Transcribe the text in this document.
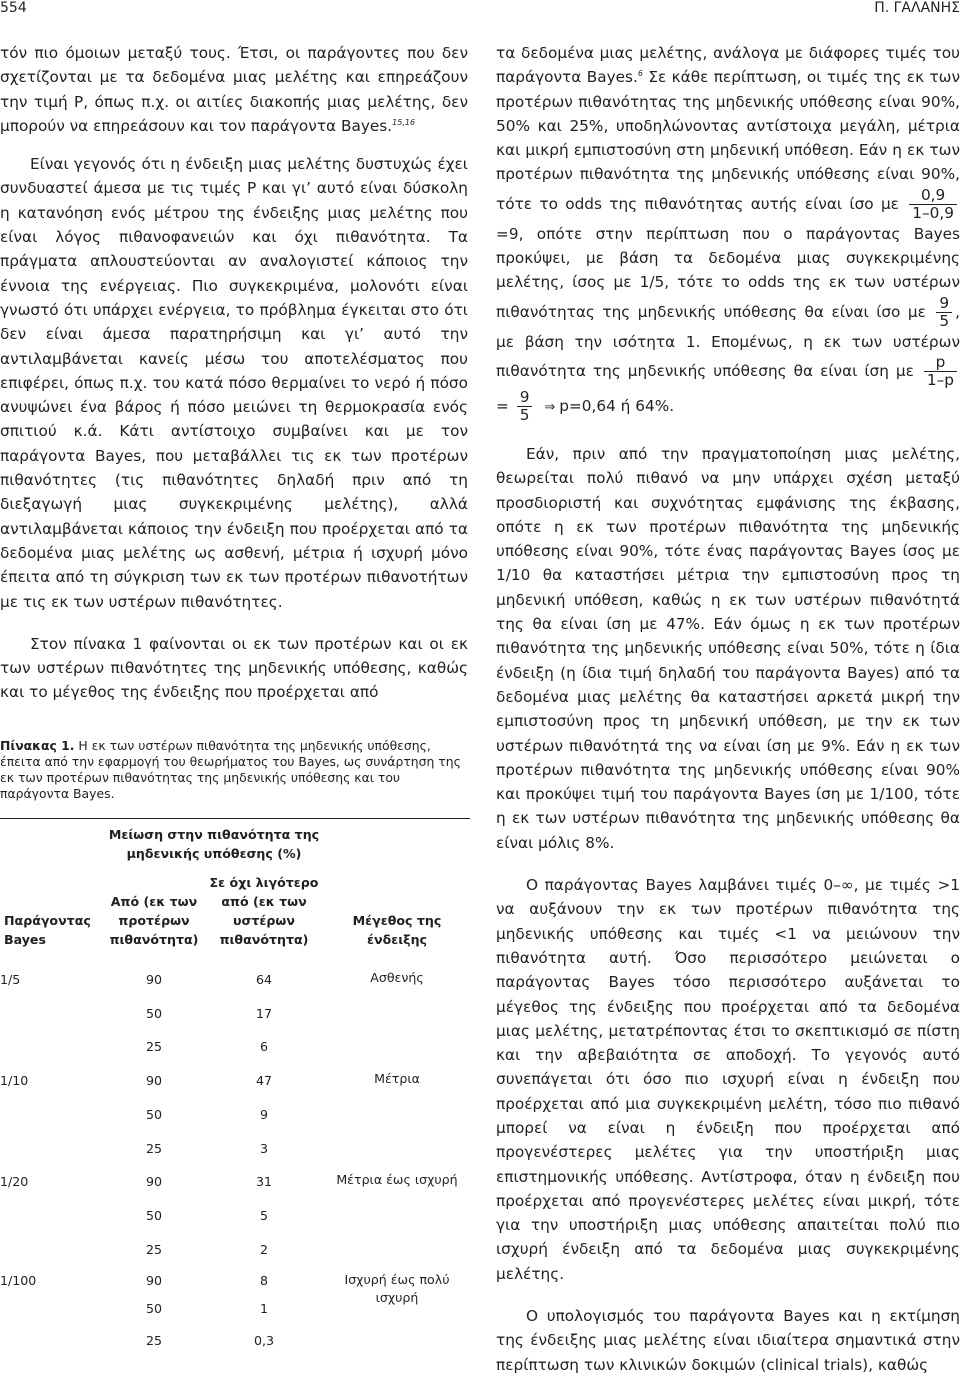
554	Π. ΓΑΛΑΝΗΣ

τόν πιο όμοιων μεταξύ τους. Έτσι, οι παράγοντες που δεν σχετίζονται με τα δεδομένα μιας μελέτης και επηρεάζουν την τιμή P, όπως π.χ. οι αιτίες διακοπής μιας μελέτης, δεν μπορούν να επηρεάσουν και τον παράγοντα Bayes.$^{15,16}$

Είναι γεγονός ότι η ένδειξη μιας μελέτης δυστυχώς έχει συνδυαστεί άμεσα με τις τιμές P και γι’ αυτό είναι δύσκολη η κατανόηση ενός μέτρου της ένδειξης μιας μελέτης που είναι λόγος πιθανοφανειών και όχι πιθανότητα. Τα πράγματα απλουστεύονται αν αναλογιστεί κάποιος την έννοια της ενέργειας. Πιο συγκεκριμένα, μολονότι είναι γνωστό ότι υπάρχει ενέργεια, το πρόβλημα έγκειται στο ότι δεν είναι άμεσα παρατηρήσιμη και γι’ αυτό την αντιλαμβάνεται κανείς μέσω του αποτελέσματος που επιφέρει, όπως π.χ. του κατά πόσο θερμαίνει το νερό ή πόσο ανυψώνει ένα βάρος ή πόσο μειώνει τη θερμοκρασία ενός σπιτιού κ.ά. Κάτι αντίστοιχο συμβαίνει και με τον παράγοντα Bayes, που μεταβάλλει τις εκ των προτέρων πιθανότητες (τις πιθανότητες δηλαδή πριν από τη διεξαγωγή μιας συγκεκριμένης μελέτης), αλλά αντιλαμβάνεται κάποιος την ένδειξη που προέρχεται από τα δεδομένα μιας μελέτης ως ασθενή, μέτρια ή ισχυρή μόνο έπειτα από τη σύγκριση των εκ των προτέρων πιθανοτήτων με τις εκ των υστέρων πιθανότητες.

Στον πίνακα 1 φαίνονται οι εκ των προτέρων και οι εκ των υστέρων πιθανότητες της μηδενικής υπόθεσης, καθώς και το μέγεθος της ένδειξης που προέρχεται από

Πίνακας 1. Η εκ των υστέρων πιθανότητα της μηδενικής υπόθεσης, έπειτα από την εφαρμογή του θεωρήματος του Bayes, ως συνάρτηση της εκ των προτέρων πιθανότητας της μηδενικής υπόθεσης και του παράγοντα Bayes.
Παράγοντας Bayes	Μείωση στην πιθανότητα της μηδενικής υπόθεσης (%)		Μέγεθος της ένδειξης
	Από (εκ των προτέρων πιθανότητα)	Σε όχι λιγότερο από (εκ των υστέρων πιθανότητα)	
1/5	90	64	Ασθενής
	50	17	
	25	6	
1/10	90	47	Μέτρια
	50	9	
	25	3	
1/20	90	31	Μέτρια έως ισχυρή
	50	5	
	25	2	
1/100	90	8	Ισχυρή έως πολύ ισχυρή
	50	1	
	25	0,3	

τα δεδομένα μιας μελέτης, ανάλογα με διάφορες τιμές του παράγοντα Bayes.$^6$ Σε κάθε περίπτωση, οι τιμές της εκ των προτέρων πιθανότητας της μηδενικής υπόθεσης είναι 90%, 50% και 25%, υποδηλώνοντας αντίστοιχα μεγάλη, μέτρια και μικρή εμπιστοσύνη στη μηδενική υπόθεση. Εάν η εκ των προτέρων πιθανότητα της μηδενικής υπόθεσης είναι 90%, τότε το odds της πιθανότητας αυτής είναι ίσο με $\frac{0,9}{1-0,9}$
=9, οπότε στην περίπτωση που ο παράγοντας Bayes προκύψει, με βάση τα δεδομένα μιας συγκεκριμένης μελέτης, ίσος με 1/5, τότε το odds της εκ των υστέρων πιθανότητας της μηδενικής υπόθεσης θα είναι ίσο με $\frac{9}{5}$ , με βάση την ισότητα 1. Επομένως, η εκ των υστέρων πιθανότητα της μηδενικής υπόθεσης θα είναι ίση με $\frac{p}{1-p}$
= $\frac{9}{5}$ ⇒ p=0,64 ή 64%.

Εάν, πριν από την πραγματοποίηση μιας μελέτης, θεωρείται πολύ πιθανό να μην υπάρχει σχέση μεταξύ προσδιοριστή και συχνότητας εμφάνισης της έκβασης, οπότε η εκ των προτέρων πιθανότητα της μηδενικής υπόθεσης είναι 90%, τότε ένας παράγοντας Bayes ίσος με 1/10 θα καταστήσει μέτρια την εμπιστοσύνη προς τη μηδενική υπόθεση, καθώς η εκ των υστέρων πιθανότητά της θα είναι ίση με 47%. Εάν όμως η εκ των προτέρων πιθανότητα της μηδενικής υπόθεσης είναι 50%, τότε η ίδια ένδειξη (η ίδια τιμή δηλαδή του παράγοντα Bayes) από τα δεδομένα μιας μελέτης θα καταστήσει αρκετά μικρή την εμπιστοσύνη προς τη μηδενική υπόθεση, με την εκ των υστέρων πιθανότητά της να είναι ίση με 9%. Εάν η εκ των προτέρων πιθανότητα της μηδενικής υπόθεσης είναι 90% και προκύψει τιμή του παράγοντα Bayes ίση με 1/100, τότε η εκ των υστέρων πιθανότητα της μηδενικής υπόθεσης θα είναι μόλις 8%.

Ο παράγοντας Bayes λαμβάνει τιμές 0–∞, με τιμές >1 να αυξάνουν την εκ των προτέρων πιθανότητα της μηδενικής υπόθεσης και τιμές <1 να μειώνουν την πιθανότητα αυτή. Όσο περισσότερο μειώνεται ο παράγοντας Bayes τόσο περισσότερο αυξάνεται το μέγεθος της ένδειξης που προέρχεται από τα δεδομένα μιας μελέτης, μετατρέποντας έτσι το σκεπτικισμό σε πίστη και την αβεβαιότητα σε αποδοχή. Το γεγονός αυτό συνεπάγεται ότι όσο πιο ισχυρή είναι η ένδειξη που προέρχεται από μια συγκεκριμένη μελέτη, τόσο πιο πιθανό μπορεί να είναι η ένδειξη που προέρχεται από προγενέστερες μελέτες για την υποστήριξη μιας επιστημονικής υπόθεσης. Αντίστροφα, όταν η ένδειξη που προέρχεται από προγενέστερες μελέτες είναι μικρή, τότε για την υποστήριξη μιας υπόθεσης απαιτείται πολύ πιο ισχυρή ένδειξη από τα δεδομένα μιας συγκεκριμένης μελέτης.

Ο υπολογισμός του παράγοντα Bayes και η εκτίμηση της ένδειξης μιας μελέτης είναι ιδιαίτερα σημαντικά στην περίπτωση των κλινικών δοκιμών (clinical trials), καθώς
